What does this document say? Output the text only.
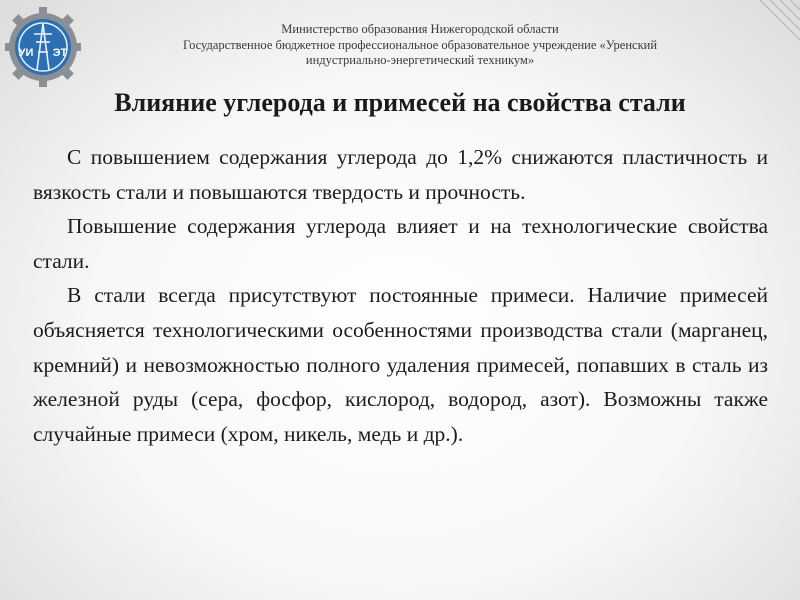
УИ ЭТ
Министерство образования Нижегородской области
Государственное бюджетное профессиональное образовательное учреждение «Уренский
индустриально-энергетический техникум»
Влияние углерода и примесей на свойства стали

С повышением содержания углерода до 1,2% снижаются пластичность и вязкость стали и повышаются твердость и прочность.

Повышение содержания углерода влияет и на технологические свойства стали.

В стали всегда присутствуют постоянные примеси. Наличие примесей объясняется технологическими особенностями производства стали (марганец, кремний) и невозможностью полного удаления примесей, попавших в сталь из железной руды (сера, фосфор, кислород, водород, азот). Возможны также случайные примеси (хром, никель, медь и др.).
